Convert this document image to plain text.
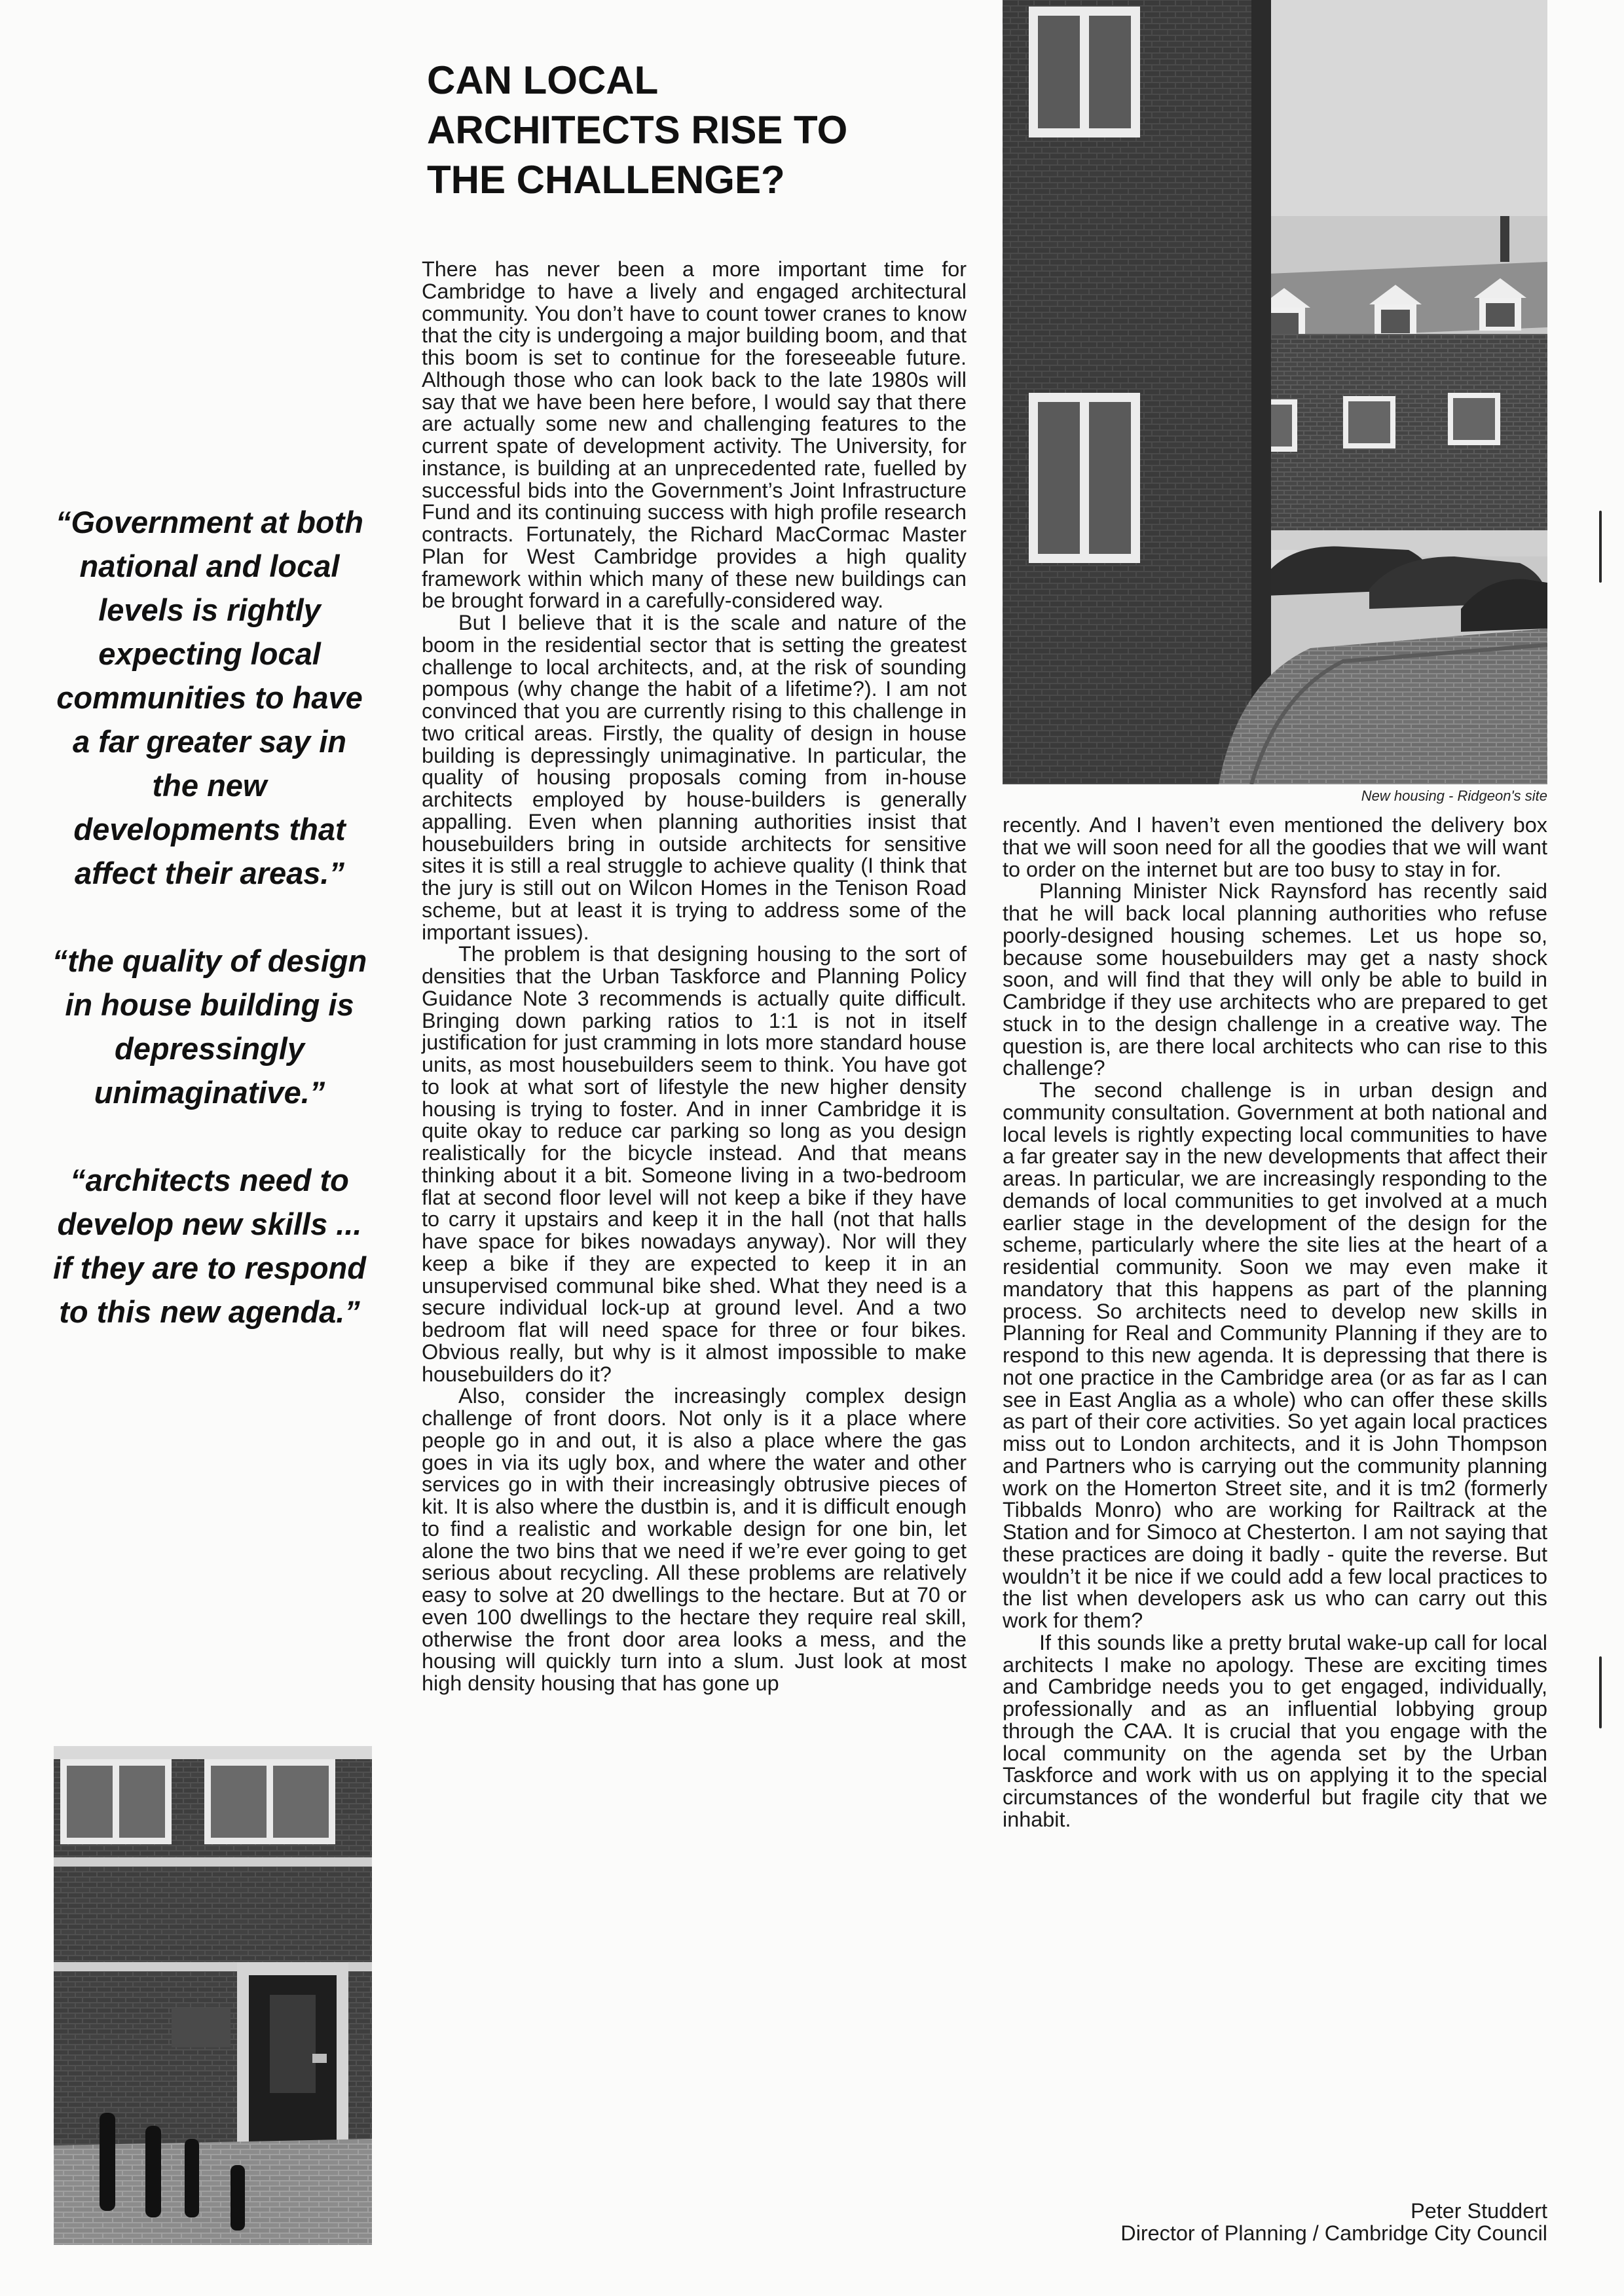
CAN LOCAL
ARCHITECTS RISE TO
THE CHALLENGE?

“Government at both national and local levels is rightly expecting local communities to have a far greater say in the new developments that affect their areas.”

“the quality of design in house building is depressingly unimaginative.”

“architects need to develop new skills ... if they are to respond to this new agenda.”

There has never been a more important time for Cambridge to have a lively and engaged architectural community. You don’t have to count tower cranes to know that the city is undergoing a major building boom, and that this boom is set to continue for the foreseeable future. Although those who can look back to the late 1980s will say that we have been here before, I would say that there are actually some new and challenging features to the current spate of development activity. The University, for instance, is building at an unprecedented rate, fuelled by successful bids into the Government’s Joint Infrastructure Fund and its continuing success with high profile research contracts. Fortunately, the Richard MacCormac Master Plan for West Cambridge provides a high quality framework within which many of these new buildings can be brought forward in a carefully-considered way.

But I believe that it is the scale and nature of the boom in the residential sector that is setting the greatest challenge to local architects, and, at the risk of sounding pompous (why change the habit of a lifetime?). I am not convinced that you are currently rising to this challenge in two critical areas. Firstly, the quality of design in house building is depressingly unimaginative. In particular, the quality of housing proposals coming from in-house architects employed by house-builders is generally appalling. Even when planning authorities insist that housebuilders bring in outside architects for sensitive sites it is still a real struggle to achieve quality (I think that the jury is still out on Wilcon Homes in the Tenison Road scheme, but at least it is trying to address some of the important issues).

The problem is that designing housing to the sort of densities that the Urban Taskforce and Planning Policy Guidance Note 3 recommends is actually quite difficult. Bringing down parking ratios to 1:1 is not in itself justification for just cramming in lots more standard house units, as most housebuilders seem to think. You have got to look at what sort of lifestyle the new higher density housing is trying to foster. And in inner Cambridge it is quite okay to reduce car parking so long as you design realistically for the bicycle instead. And that means thinking about it a bit. Someone living in a two-bedroom flat at second floor level will not keep a bike if they have to carry it upstairs and keep it in the hall (not that halls have space for bikes nowadays anyway). Nor will they keep a bike if they are expected to keep it in an unsupervised communal bike shed. What they need is a secure individual lock-up at ground level. And a two bedroom flat will need space for three or four bikes. Obvious really, but why is it almost impossible to make housebuilders do it?

Also, consider the increasingly complex design challenge of front doors. Not only is it a place where people go in and out, it is also a place where the gas goes in via its ugly box, and where the water and other services go in with their increasingly obtrusive pieces of kit. It is also where the dustbin is, and it is difficult enough to find a realistic and workable design for one bin, let alone the two bins that we need if we’re ever going to get serious about recycling. All these problems are relatively easy to solve at 20 dwellings to the hectare. But at 70 or even 100 dwellings to the hectare they require real skill, otherwise the front door area looks a mess, and the housing will quickly turn into a slum. Just look at most high density housing that has gone up

New housing - Ridgeon's site

recently. And I haven’t even mentioned the delivery box that we will soon need for all the goodies that we will want to order on the internet but are too busy to stay in for.

Planning Minister Nick Raynsford has recently said that he will back local planning authorities who refuse poorly-designed housing schemes. Let us hope so, because some housebuilders may get a nasty shock soon, and will find that they will only be able to build in Cambridge if they use architects who are prepared to get stuck in to the design challenge in a creative way. The question is, are there local architects who can rise to this challenge?

The second challenge is in urban design and community consultation. Government at both national and local levels is rightly expecting local communities to have a far greater say in the new developments that affect their areas. In particular, we are increasingly responding to the demands of local communities to get involved at a much earlier stage in the development of the design for the scheme, particularly where the site lies at the heart of a residential community. Soon we may even make it mandatory that this happens as part of the planning process. So architects need to develop new skills in Planning for Real and Community Planning if they are to respond to this new agenda. It is depressing that there is not one practice in the Cambridge area (or as far as I can see in East Anglia as a whole) who can offer these skills as part of their core activities. So yet again local practices miss out to London architects, and it is John Thompson and Partners who is carrying out the community planning work on the Homerton Street site, and it is tm2 (formerly Tibbalds Monro) who are working for Railtrack at the Station and for Simoco at Chesterton. I am not saying that these practices are doing it badly - quite the reverse. But wouldn’t it be nice if we could add a few local practices to the list when developers ask us who can carry out this work for them?

If this sounds like a pretty brutal wake-up call for local architects I make no apology. These are exciting times and Cambridge needs you to get engaged, individually, professionally and as an influential lobbying group through the CAA. It is crucial that you engage with the local community on the agenda set by the Urban Taskforce and work with us on applying it to the special circumstances of the wonderful but fragile city that we inhabit.

Peter Studdert
Director of Planning / Cambridge City Council
